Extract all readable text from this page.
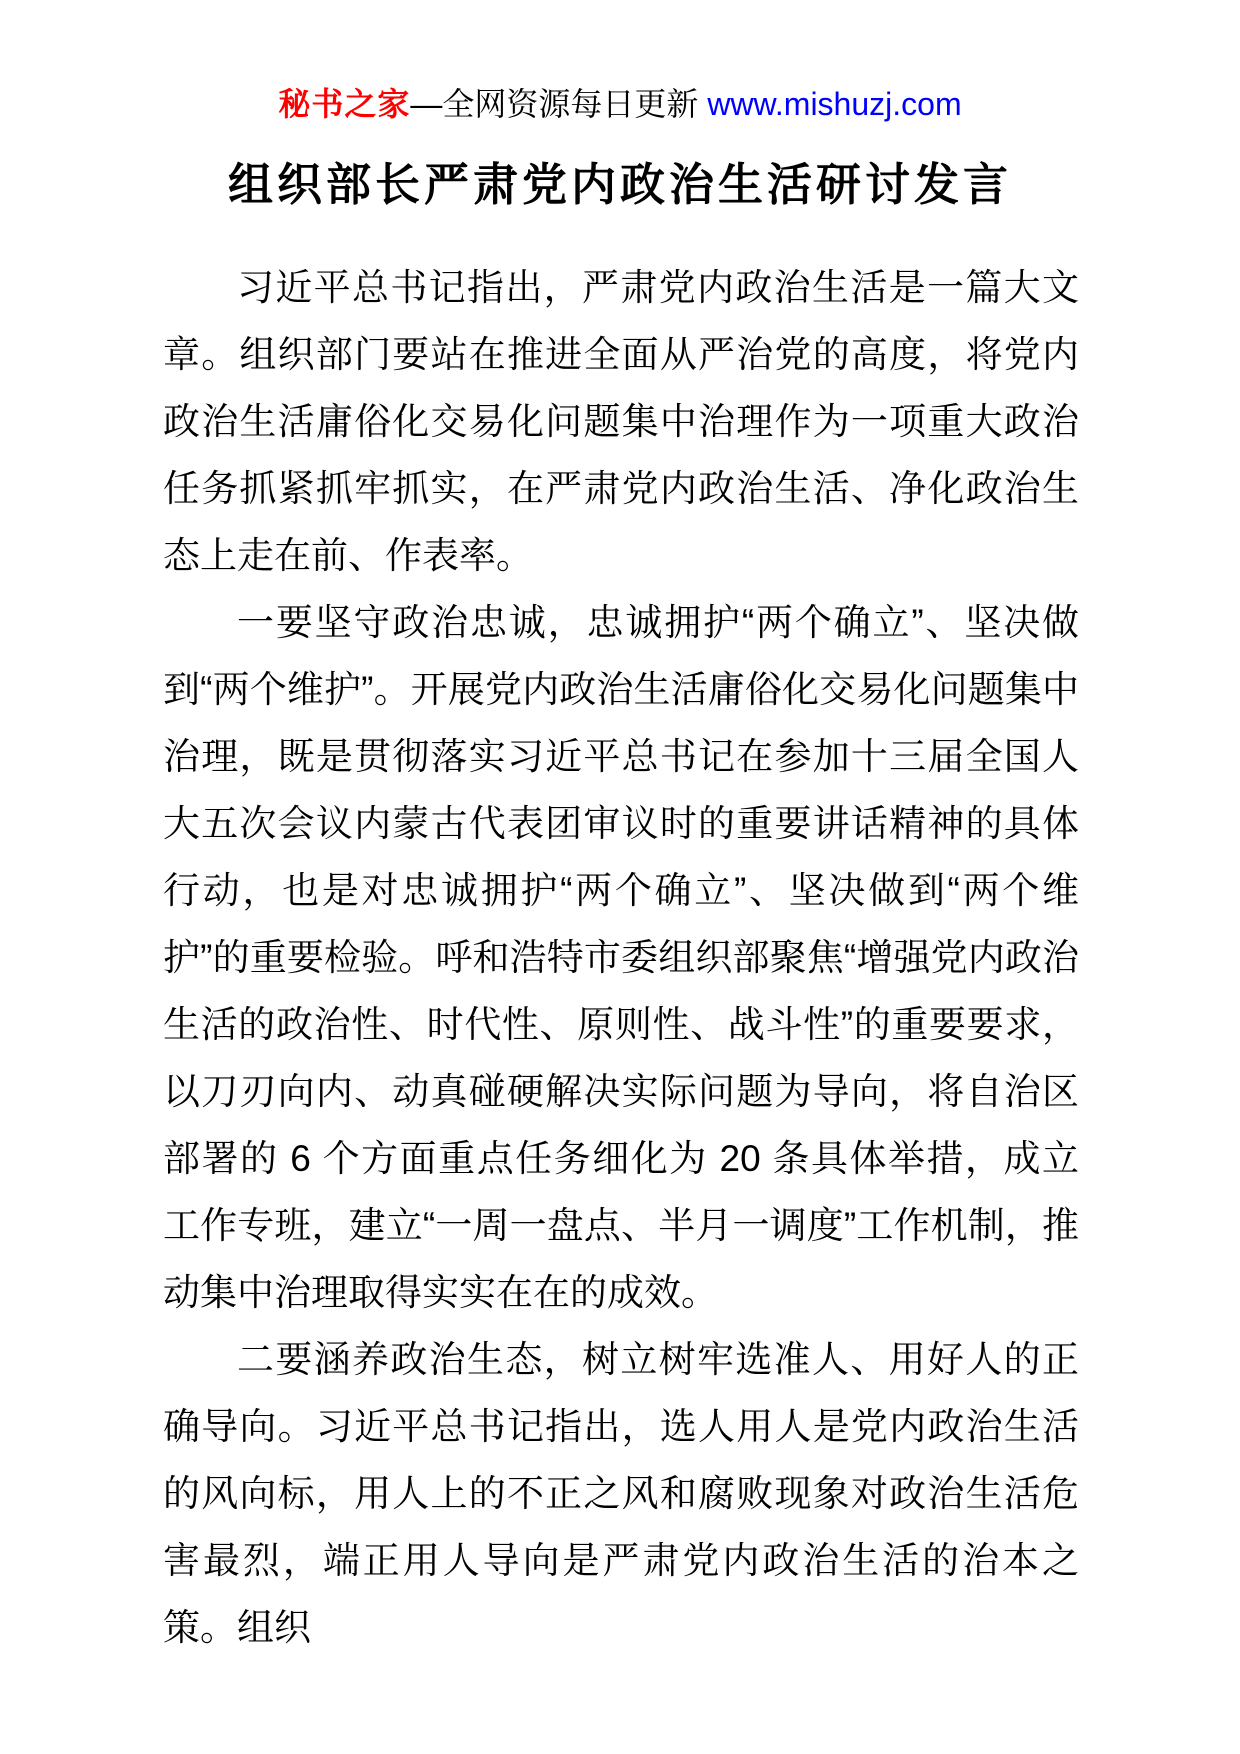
秘书之家—全网资源每日更新 www.mishuzj.com
组织部长严肃党内政治生活研讨发言

习近平总书记指出，严肃党内政治生活是一篇大文章。组织部门要站在推进全面从严治党的高度，将党内政治生活庸俗化交易化问题集中治理作为一项重大政治任务抓紧抓牢抓实，在严肃党内政治生活、净化政治生态上走在前、作表率。

一要坚守政治忠诚，忠诚拥护“两个确立”、坚决做到“两个维护”。开展党内政治生活庸俗化交易化问题集中治理，既是贯彻落实习近平总书记在参加十三届全国人大五次会议内蒙古代表团审议时的重要讲话精神的具体行动，也是对忠诚拥护“两个确立”、坚决做到“两个维护”的重要检验。呼和浩特市委组织部聚焦“增强党内政治生活的政治性、时代性、原则性、战斗性”的重要要求，以刀刃向内、动真碰硬解决实际问题为导向，将自治区部署的 6 个方面重点任务细化为 20 条具体举措，成立工作专班，建立“一周一盘点、半月一调度”工作机制，推动集中治理取得实实在在的成效。

二要涵养政治生态，树立树牢选准人、用好人的正确导向。习近平总书记指出，选人用人是党内政治生活的风向标，用人上的不正之风和腐败现象对政治生活危害最烈，端正用人导向是严肃党内政治生活的治本之策。组织
